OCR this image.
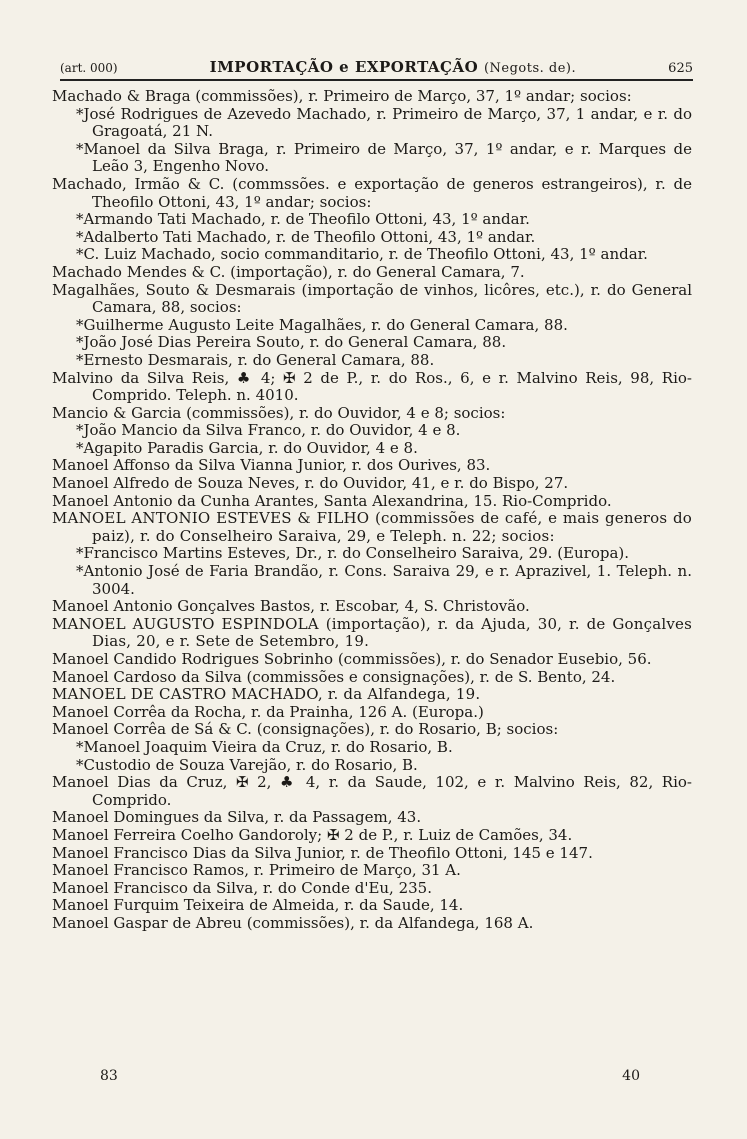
(art. 000)	IMPORTAÇÃO e EXPORTAÇÃO (Negots. de).	625
Machado & Braga (commissões), r. Primeiro de Março, 37, 1º andar; socios:
*José Rodrigues de Azevedo Machado, r. Primeiro de Março, 37, 1 andar, e r. do Gragoatá, 21 N.
*Manoel da Silva Braga, r. Primeiro de Março, 37, 1º andar, e r. Marques de Leão 3, Engenho Novo.
Machado, Irmão & C. (commssões. e exportação de generos estrangeiros), r. de Theofilo Ottoni, 43, 1º andar; socios:
*Armando Tati Machado, r. de Theofilo Ottoni, 43, 1º andar.
*Adalberto Tati Machado, r. de Theofilo Ottoni, 43, 1º andar.
*C. Luiz Machado, socio commanditario, r. de Theofilo Ottoni, 43, 1º andar.
Machado Mendes & C. (importação), r. do General Camara, 7.
Magalhães, Souto & Desmarais (importação de vinhos, licôres, etc.), r. do General Camara, 88, socios:
*Guilherme Augusto Leite Magalhães, r. do General Camara, 88.
*João José Dias Pereira Souto, r. do General Camara, 88.
*Ernesto Desmarais, r. do General Camara, 88.
Malvino da Silva Reis, ♣ 4; ✠ 2 de P., r. do Ros., 6, e r. Malvino Reis, 98, Rio-Comprido. Teleph. n. 4010.
Mancio & Garcia (commissões), r. do Ouvidor, 4 e 8; socios:
*João Mancio da Silva Franco, r. do Ouvidor, 4 e 8.
*Agapito Paradis Garcia, r. do Ouvidor, 4 e 8.
Manoel Affonso da Silva Vianna Junior, r. dos Ourives, 83.
Manoel Alfredo de Souza Neves, r. do Ouvidor, 41, e r. do Bispo, 27.
Manoel Antonio da Cunha Arantes, Santa Alexandrina, 15. Rio-Comprido.
MANOEL ANTONIO ESTEVES & FILHO (commissões de café, e mais generos do paiz), r. do Conselheiro Saraiva, 29, e Teleph. n. 22; socios:
*Francisco Martins Esteves, Dr., r. do Conselheiro Saraiva, 29. (Europa).
*Antonio José de Faria Brandão, r. Cons. Saraiva 29, e r. Aprazivel, 1. Teleph. n. 3004.
Manoel Antonio Gonçalves Bastos, r. Escobar, 4, S. Christovão.
MANOEL AUGUSTO ESPINDOLA (importação), r. da Ajuda, 30, r. de Gonçalves Dias, 20, e r. Sete de Setembro, 19.
Manoel Candido Rodrigues Sobrinho (commissões), r. do Senador Eusebio, 56.
Manoel Cardoso da Silva (commissões e consignações), r. de S. Bento, 24.
MANOEL DE CASTRO MACHADO, r. da Alfandega, 19.
Manoel Corrêa da Rocha, r. da Prainha, 126 A. (Europa.)
Manoel Corrêa de Sá & C. (consignações), r. do Rosario, B; socios:
*Manoel Joaquim Vieira da Cruz, r. do Rosario, B.
*Custodio de Souza Varejão, r. do Rosario, B.
Manoel Dias da Cruz, ✠ 2, ♣ 4, r. da Saude, 102, e r. Malvino Reis, 82, Rio-Comprido.
Manoel Domingues da Silva, r. da Passagem, 43.
Manoel Ferreira Coelho Gandoroly; ✠ 2 de P., r. Luiz de Camões, 34.
Manoel Francisco Dias da Silva Junior, r. de Theofilo Ottoni, 145 e 147.
Manoel Francisco Ramos, r. Primeiro de Março, 31 A.
Manoel Francisco da Silva, r. do Conde d'Eu, 235.
Manoel Furquim Teixeira de Almeida, r. da Saude, 14.
Manoel Gaspar de Abreu (commissões), r. da Alfandega, 168 A.
83	40
